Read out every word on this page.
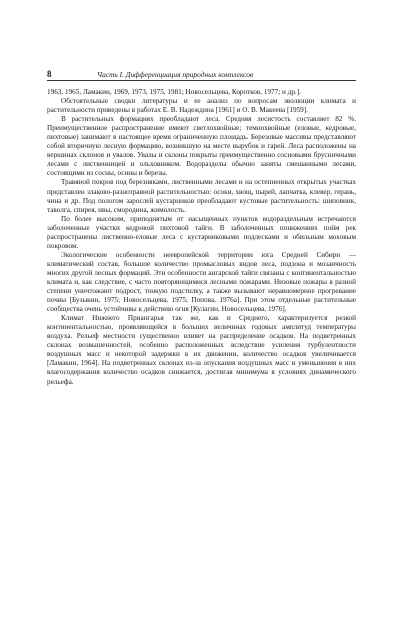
8	Часть I. Дифференциация природных комплексов

1963, 1965, Ламакин, 1969, 1973, 1975, 1981; Новосельцева, Коротков, 1977; и др.].

Обстоятельные сводки литературы и ее анализ по вопросам эволюции климата и растительности приведены в работах Е. В. Надеждина [1961] и О. В. Макеева [1959].

В растительных формациях преобладают леса. Средняя лесистость составляет 82 %. Преимущественное распространение имеют светлохвойные; темнохвойные (еловые, кедровые, пихтовые) занимают в настоящее время ограниченную площадь. Березовые массивы представляют собой вторичную лесную формацию, возникшую на месте вырубок и гарей. Леса расположены на вершинах склонов и увалов. Увалы и склоны покрыты преимущественно сосновыми брусничными лесами с лиственницей и ольховником. Водоразделы обычно заняты смешанными лесами, состоящими из сосны, осины и березы.

Травяной покров под березняками, лиственными лесами и на остепненных открытых участках представлен злаково-разнотравной растительностью: осоки, хвощ, пырей, лапчатка, клевер, герань, чина и др. Под пологом зарослей кустарников преобладают кустовые растительность: шиповник, таволга, спирея, ивы, смородина, жимолость.

По более высоким, приподнятым от насыщенных пунктов водораздельным встречаются заболоченные участки кедровой пихтовой тайги. В заболоченных понижениях пойм рек распространены лиственно-еловые леса с кустарниковыми подлесками и обильным моховым покровом.

Экологические особенности неевропейской территории юга Средней Сибири — климатический состав, большое количество промысловых видов леса, подзона и мозаичность многих другой лесных формаций. Эти особенности ангарской тайги связаны с континентальностью климата и, как следствие, с часто повторяющимися лесными пожарами. Низовые пожары в разной степени уничтожают подрост, тонкую подстилку, а также вызывают неравномерное прогревание почвы [Бузыкин, 1975; Новосельцева, 1975; Попова, 1976а]. При этом отдельные растительные сообщества очень устойчивы к действию огня [Кулагин, Новосельцева, 1976].

Климат Нижнего Приангарья так же, как и Среднего, характеризуется резкой континентальностью, проявляющейся в больших величинах годовых амплитуд температуры воздуха. Рельеф местности существенно влияет на распределение осадков. На подветренных склонах возвышенностей, особенно расположенных вследствие усиления турбулентности воздушных масс и некоторой задержки в их движении, количество осадков увеличивается [Ламакин, 1964]. На подветренных склонах из-за опускания воздушных масс и уменьшения в них влагосодержания количество осадков снижается, достигая минимума в условиях динамического рельефа.
